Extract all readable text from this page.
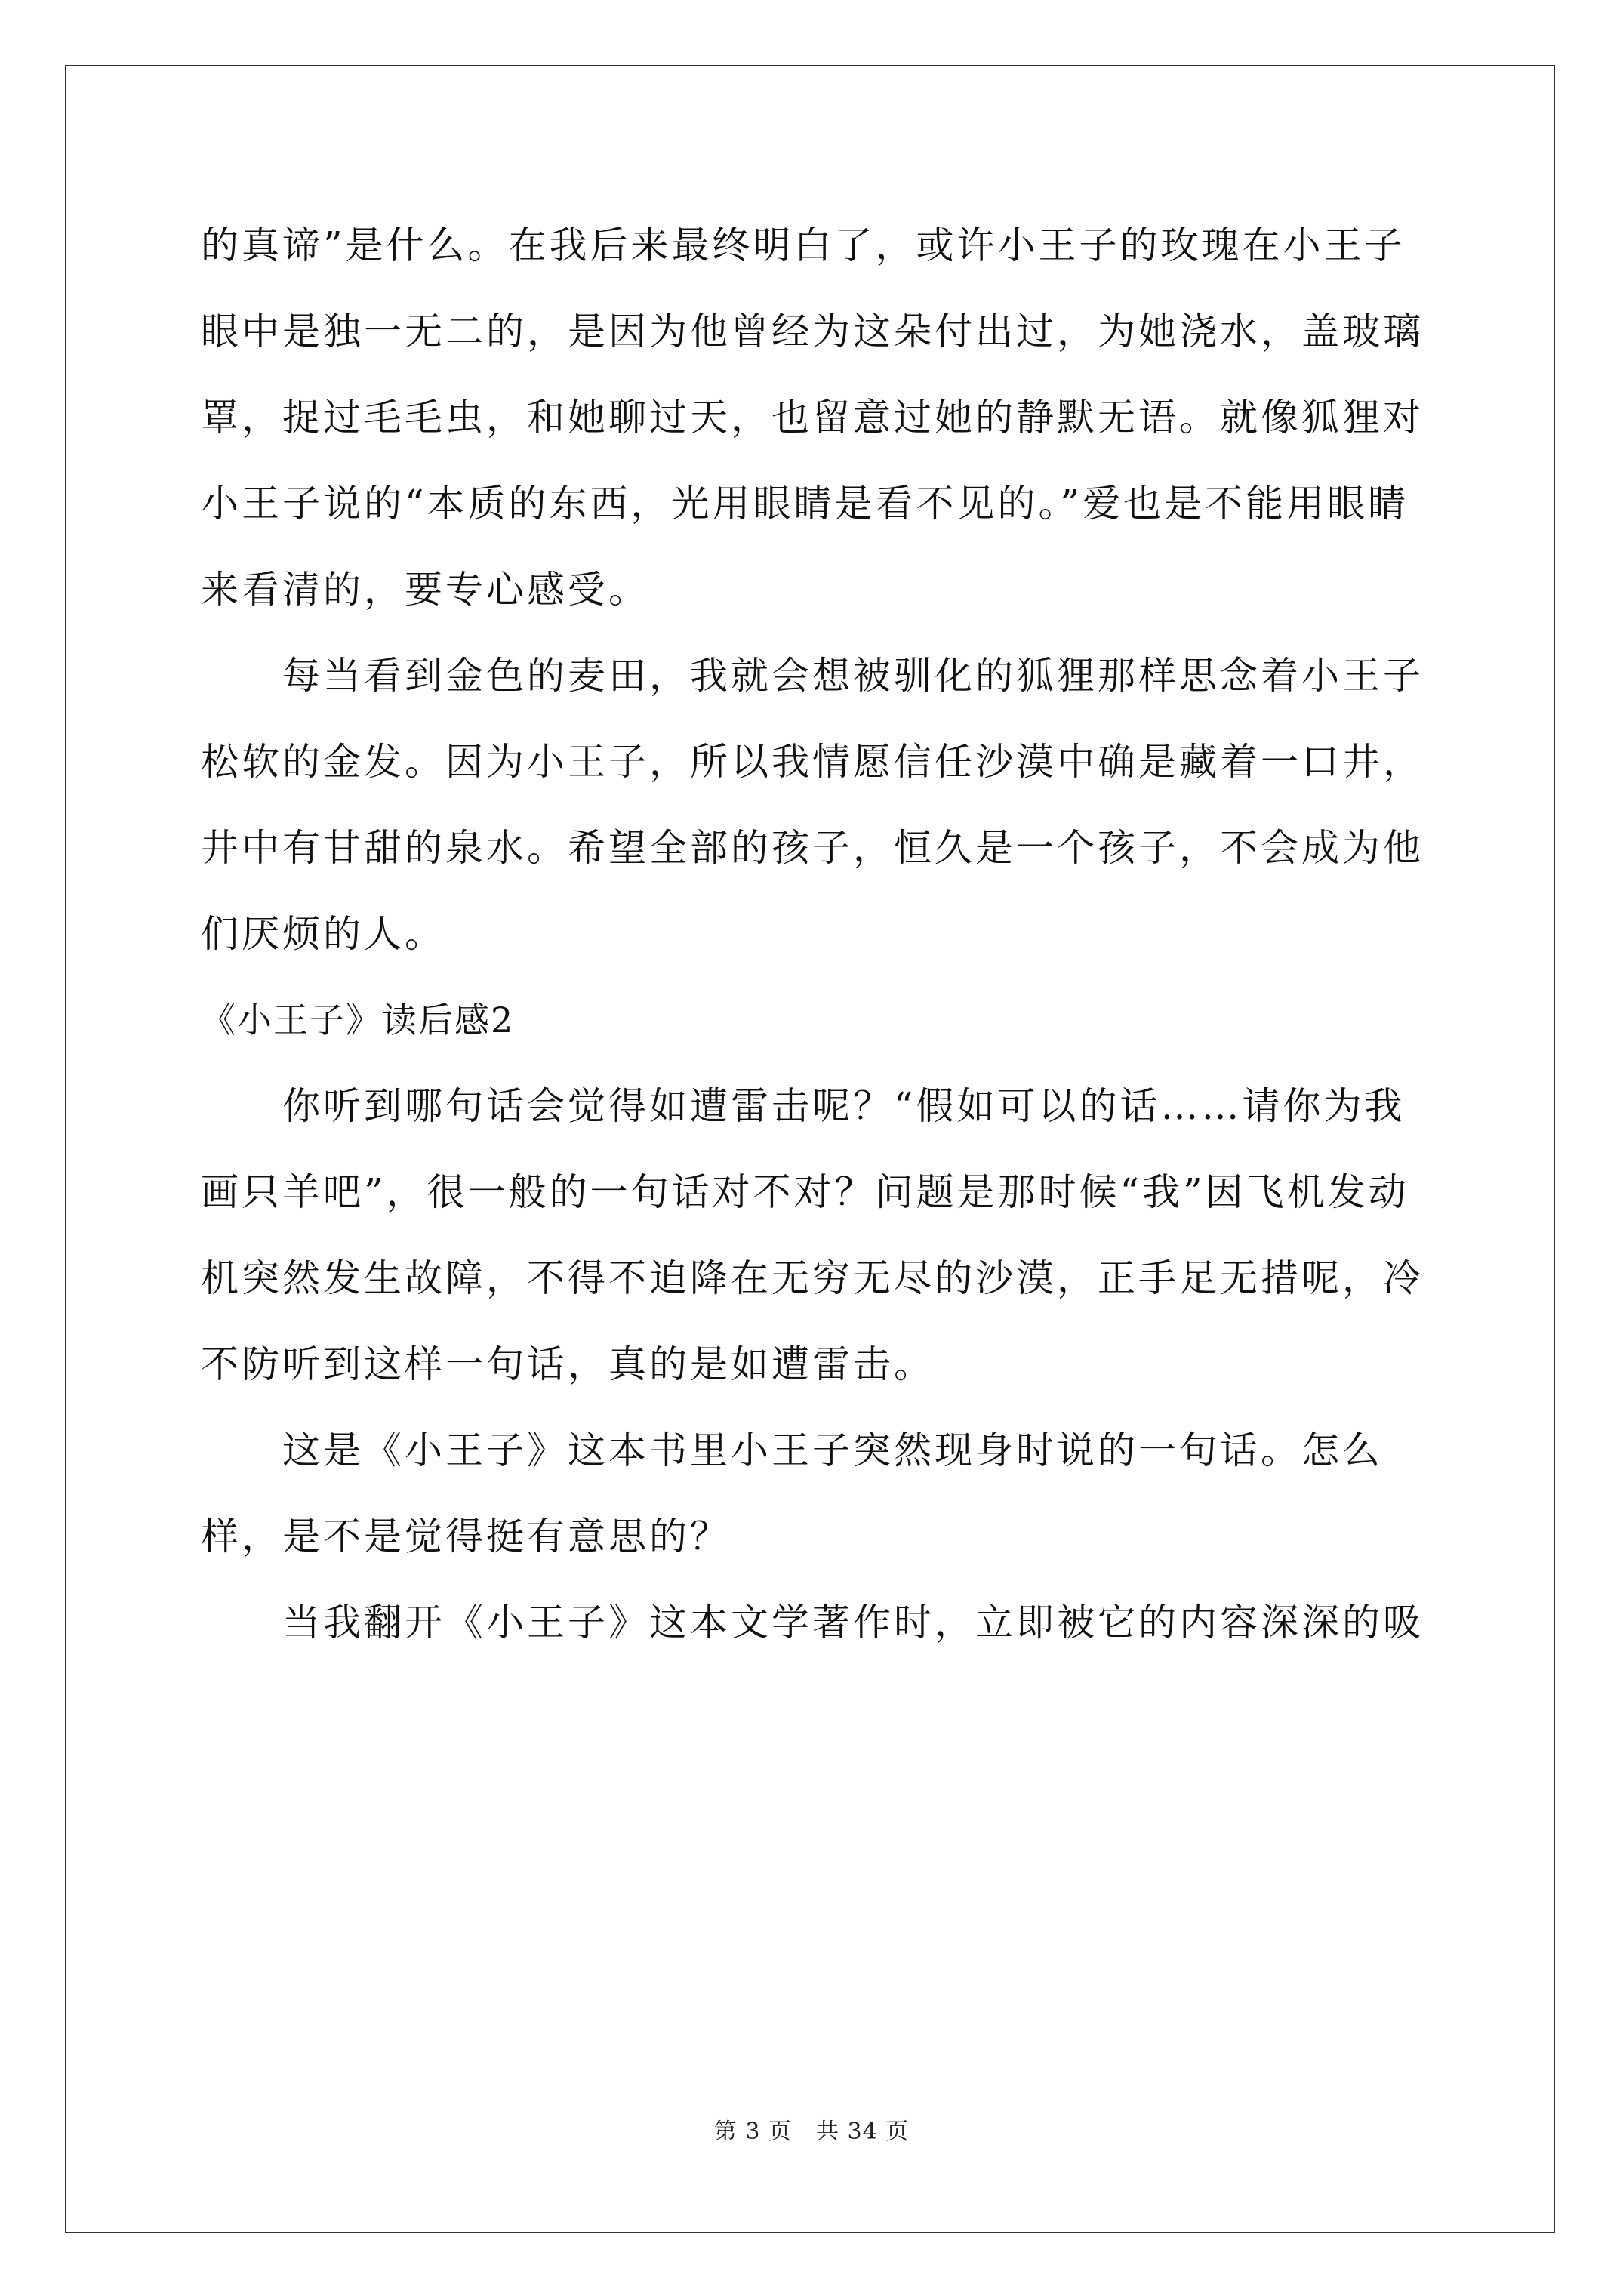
的真谛”是什么。在我后来最终明白了，或许小王子的玫瑰在小王子眼中是独一无二的，是因为他曾经为这朵付出过，为她浇水，盖玻璃罩，捉过毛毛虫，和她聊过天，也留意过她的静默无语。就像狐狸对小王子说的“本质的东西，光用眼睛是看不见的。”爱也是不能用眼睛来看清的，要专心感受。

每当看到金色的麦田，我就会想被驯化的狐狸那样思念着小王子松软的金发。因为小王子，所以我情愿信任沙漠中确是藏着一口井，井中有甘甜的泉水。希望全部的孩子，恒久是一个孩子，不会成为他们厌烦的人。

《小王子》读后感2

你听到哪句话会觉得如遭雷击呢？“假如可以的话……请你为我画只羊吧”，很一般的一句话对不对？问题是那时候“我”因飞机发动机突然发生故障，不得不迫降在无穷无尽的沙漠，正手足无措呢，冷不防听到这样一句话，真的是如遭雷击。

这是《小王子》这本书里小王子突然现身时说的一句话。怎么样，是不是觉得挺有意思的？

当我翻开《小王子》这本文学著作时，立即被它的内容深深的吸

第 3 页 共 34 页
